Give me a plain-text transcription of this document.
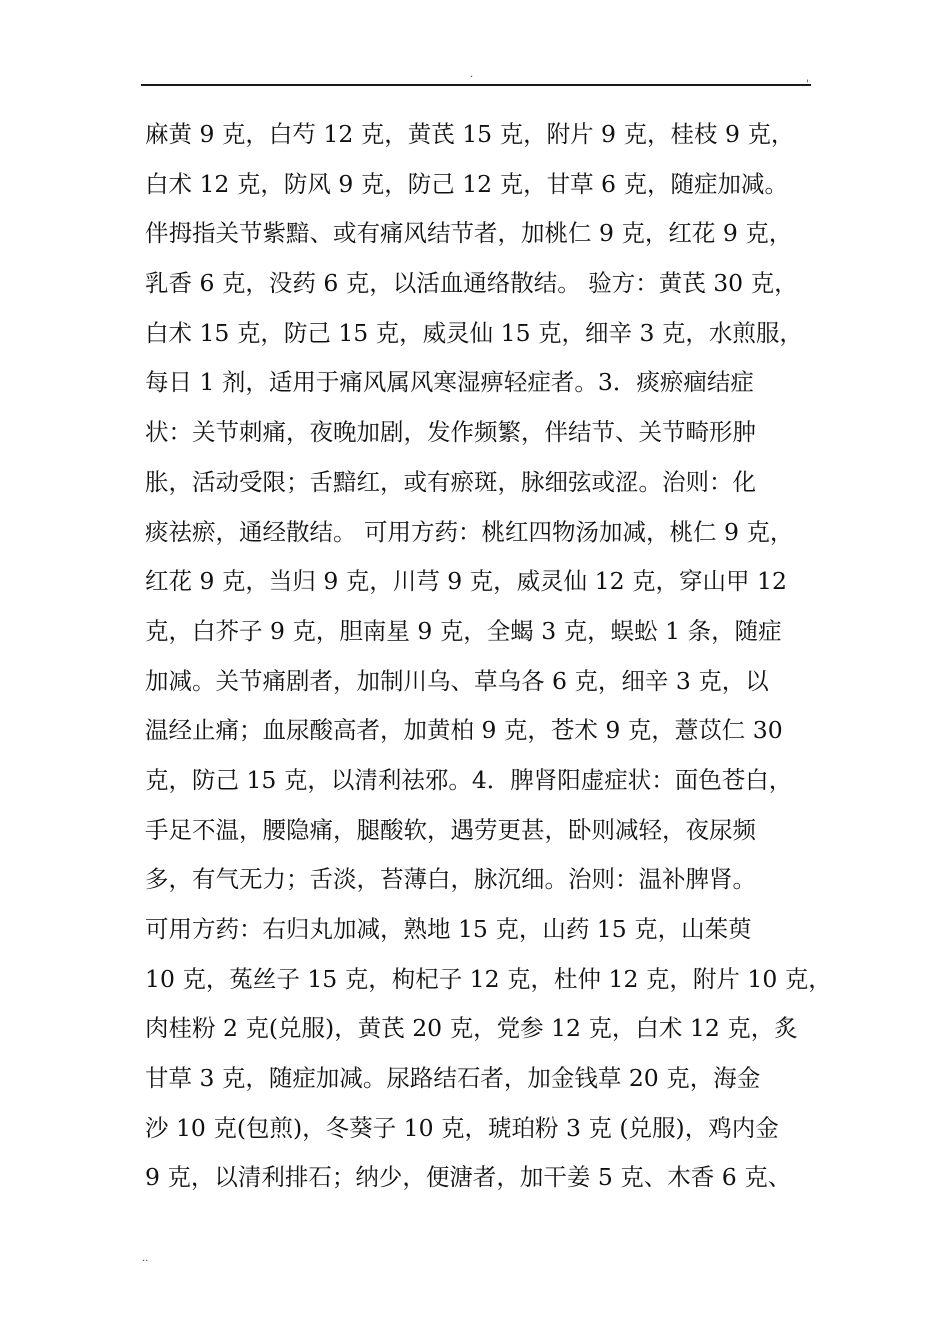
.
'
麻黄 9 克，白芍 12 克，黄芪 15 克，附片 9 克，桂枝 9 克，
白术 12 克，防风 9 克，防己 12 克，甘草 6 克，随症加减。
伴拇指关节紫黯、或有痛风结节者，加桃仁 9 克，红花 9 克，
乳香 6 克，没药 6 克，以活血通络散结。 验方：黄芪 30 克，
白术 15 克，防己 15 克，威灵仙 15 克，细辛 3 克，水煎服，
每日 1 剂，适用于痛风属风寒湿痹轻症者。3．痰瘀痼结症
状：关节刺痛，夜晚加剧，发作频繁，伴结节、关节畸形肿
胀，活动受限；舌黯红，或有瘀斑，脉细弦或涩。治则：化
痰祛瘀，通经散结。 可用方药：桃红四物汤加减，桃仁 9 克，
红花 9 克，当归 9 克，川芎 9 克，威灵仙 12 克，穿山甲 12
克，白芥子 9 克，胆南星 9 克，全蝎 3 克，蜈蚣 1 条，随症
加减。关节痛剧者，加制川乌、草乌各 6 克，细辛 3 克，以
温经止痛；血尿酸高者，加黄柏 9 克，苍术 9 克，薏苡仁 30
克，防己 15 克，以清利祛邪。4．脾肾阳虚症状：面色苍白，
手足不温，腰隐痛，腿酸软，遇劳更甚，卧则减轻，夜尿频
多，有气无力；舌淡，苔薄白，脉沉细。治则：温补脾肾。
可用方药：右归丸加减，熟地 15 克，山药 15 克，山茱萸
10 克，菟丝子 15 克，枸杞子 12 克，杜仲 12 克，附片 10 克，
肉桂粉 2 克(兑服)，黄芪 20 克，党参 12 克，白术 12 克，炙
甘草 3 克，随症加减。尿路结石者，加金钱草 20 克，海金
沙 10 克(包煎)，冬葵子 10 克，琥珀粉 3 克 (兑服)，鸡内金
9 克，以清利排石；纳少，便溏者，加干姜 5 克、木香 6 克、
..
